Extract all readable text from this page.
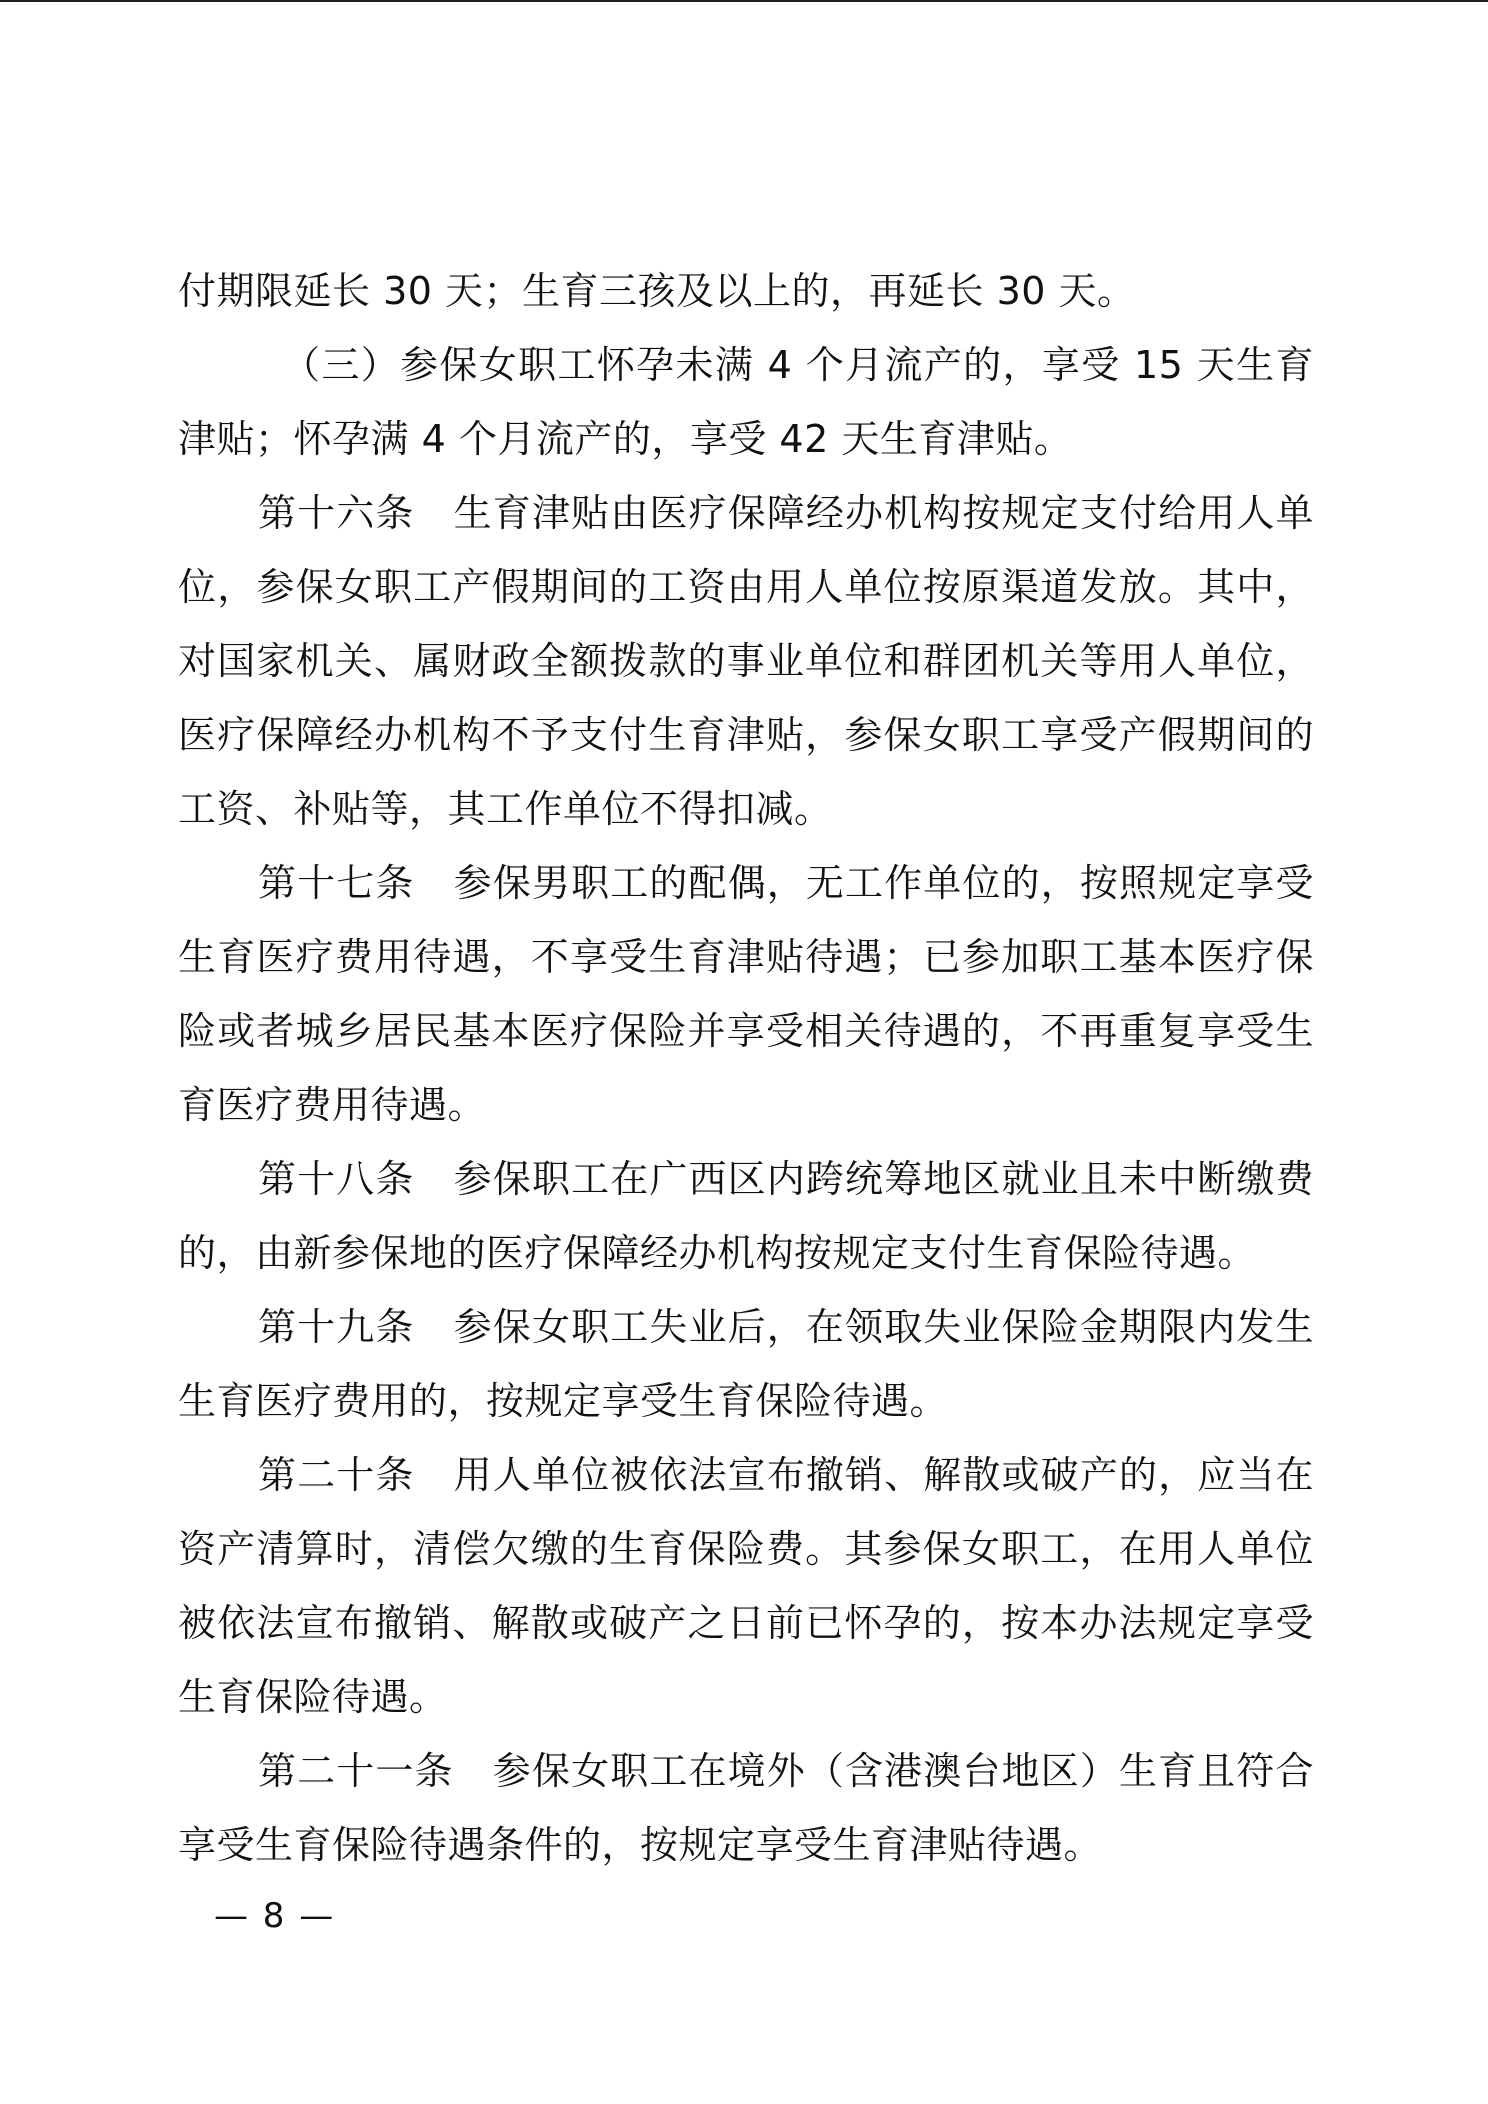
付期限延长 30 天；生育三孩及以上的，再延长 30 天。

（三）参保女职工怀孕未满 4 个月流产的，享受 15 天生育津贴；怀孕满 4 个月流产的，享受 42 天生育津贴。

第十六条　生育津贴由医疗保障经办机构按规定支付给用人单位，参保女职工产假期间的工资由用人单位按原渠道发放。其中，对国家机关、属财政全额拨款的事业单位和群团机关等用人单位，医疗保障经办机构不予支付生育津贴，参保女职工享受产假期间的工资、补贴等，其工作单位不得扣减。

第十七条　参保男职工的配偶，无工作单位的，按照规定享受生育医疗费用待遇，不享受生育津贴待遇；已参加职工基本医疗保险或者城乡居民基本医疗保险并享受相关待遇的，不再重复享受生育医疗费用待遇。

第十八条　参保职工在广西区内跨统筹地区就业且未中断缴费的，由新参保地的医疗保障经办机构按规定支付生育保险待遇。

第十九条　参保女职工失业后，在领取失业保险金期限内发生生育医疗费用的，按规定享受生育保险待遇。

第二十条　用人单位被依法宣布撤销、解散或破产的，应当在资产清算时，清偿欠缴的生育保险费。其参保女职工，在用人单位被依法宣布撤销、解散或破产之日前已怀孕的，按本办法规定享受生育保险待遇。

第二十一条　参保女职工在境外（含港澳台地区）生育且符合享受生育保险待遇条件的，按规定享受生育津贴待遇。

— 8 —
